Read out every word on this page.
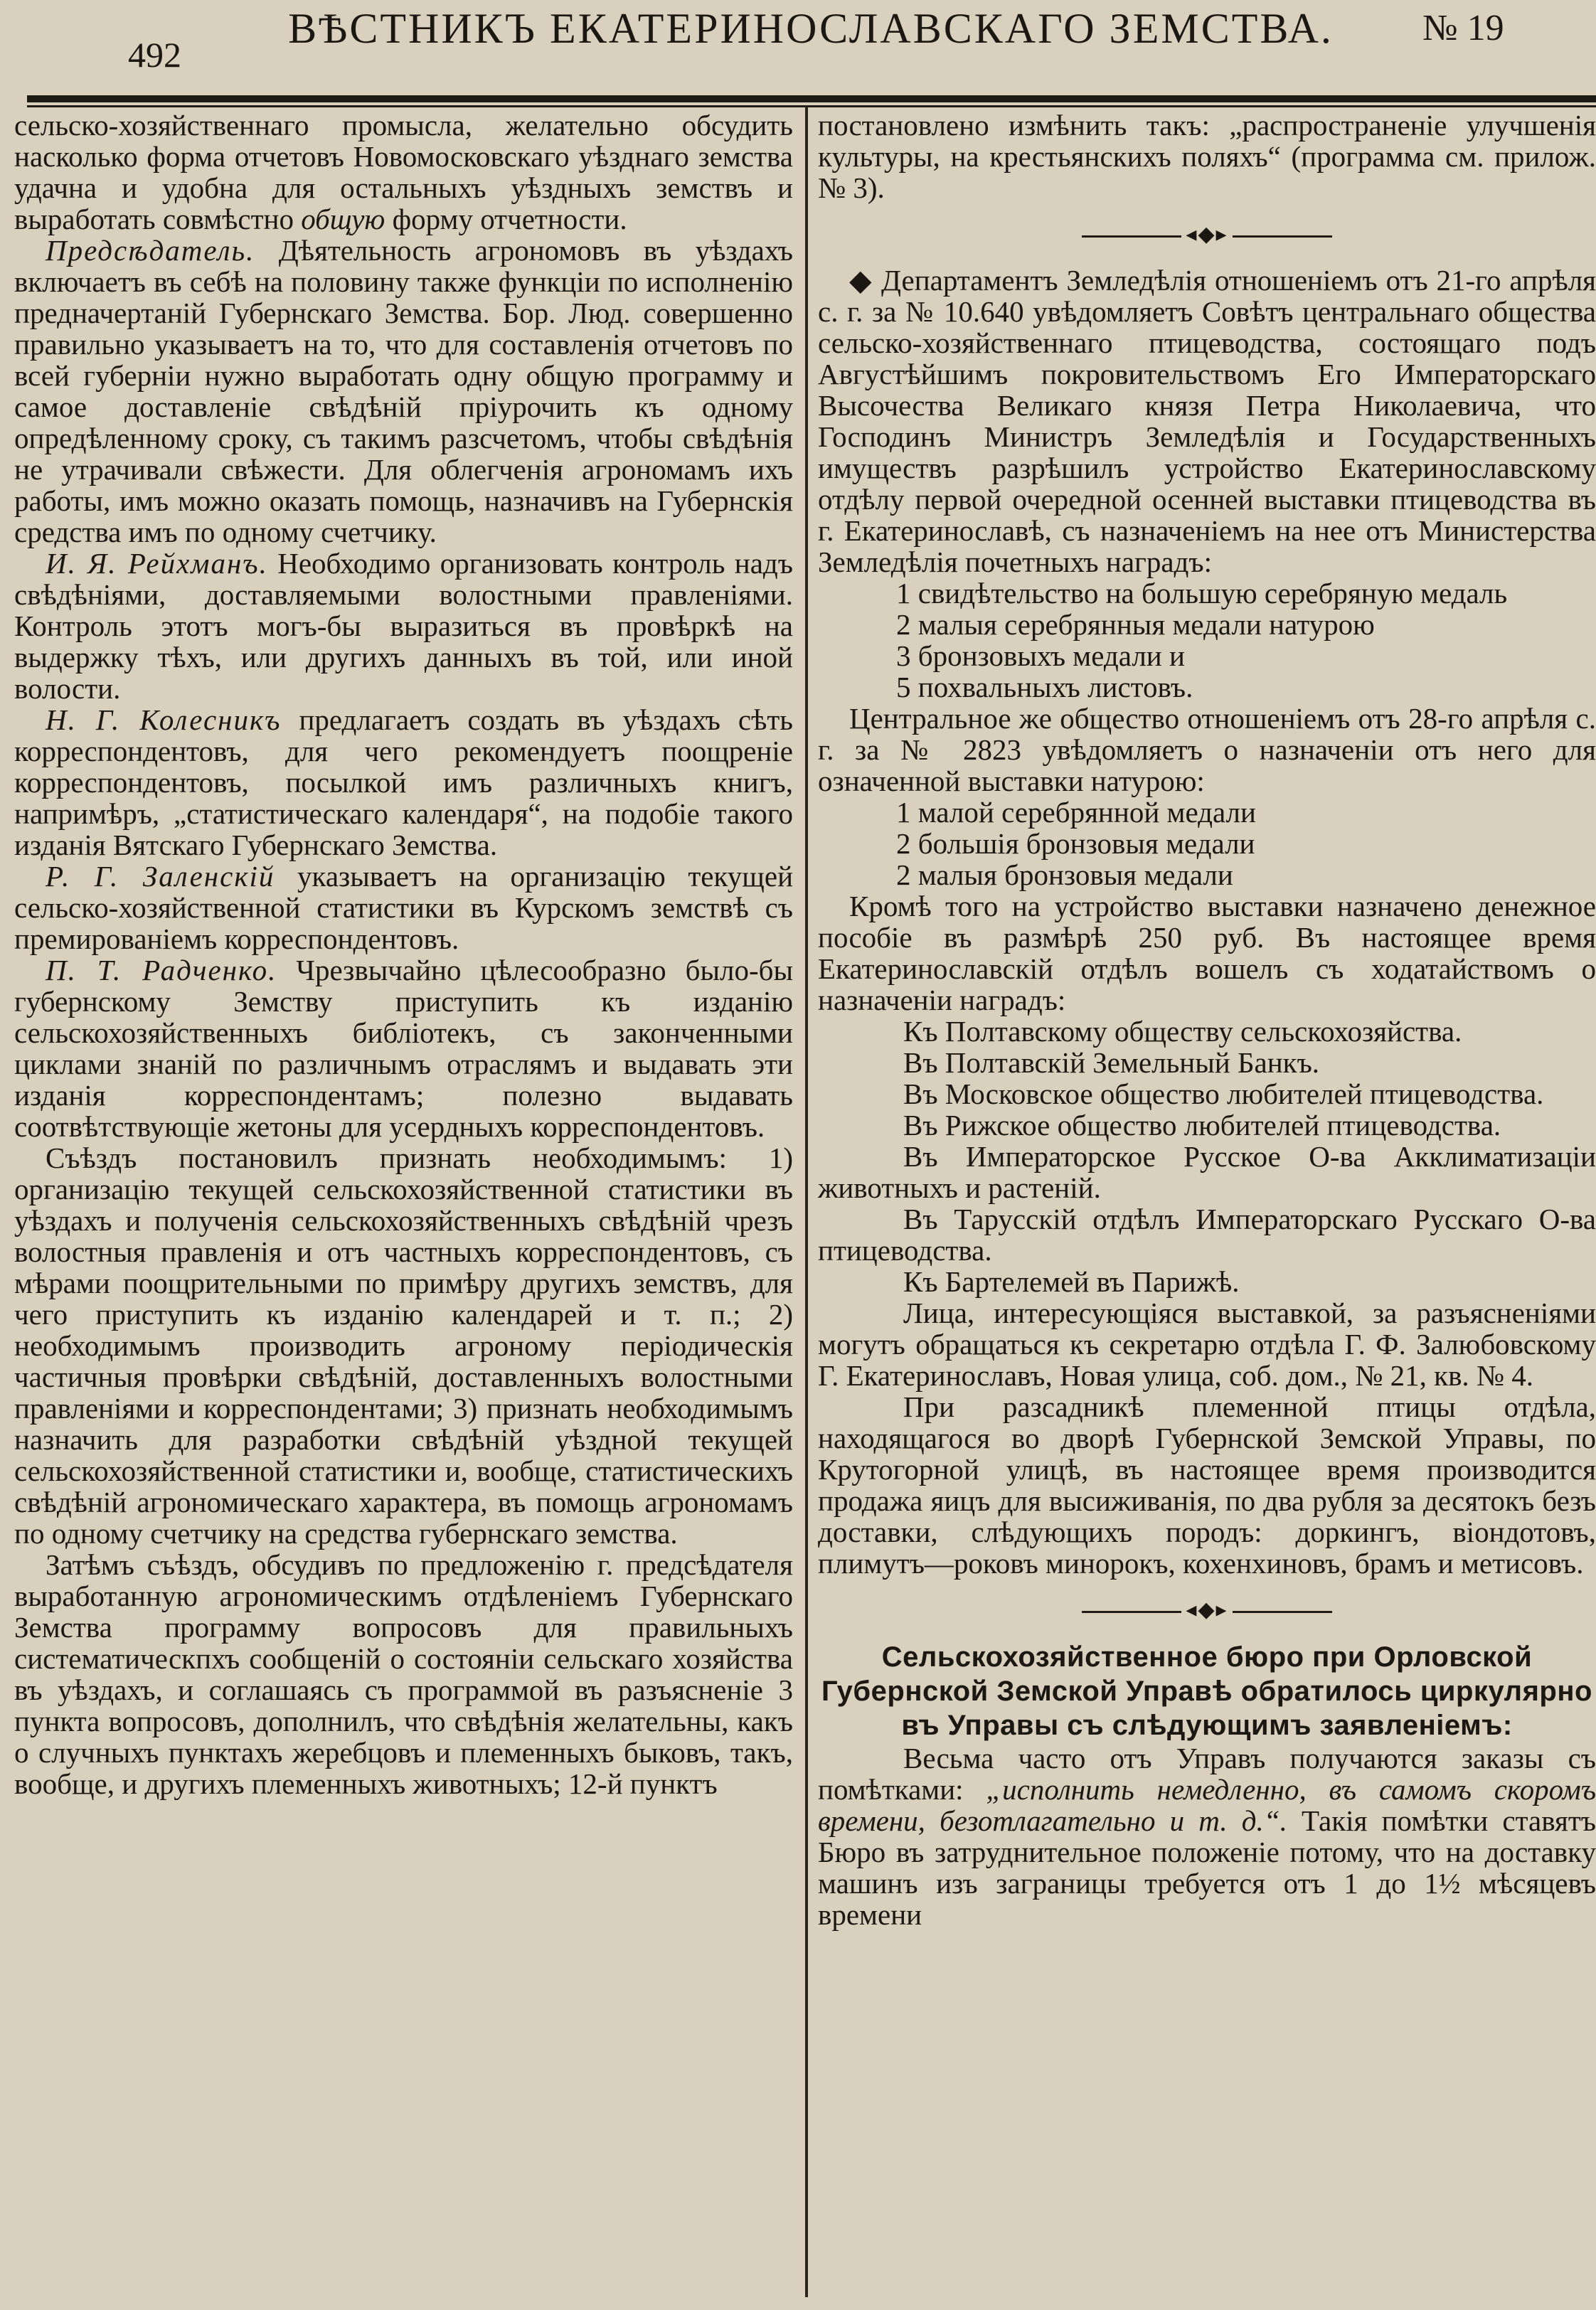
492
ВѢСТНИКЪ ЕКАТЕРИНОСЛАВСКАГО ЗЕМСТВА.	№ 19

сельско-хозяйственнаго промысла, желательно обсудить насколько форма отчетовъ Новомосковскаго уѣзднаго земства удачна и удобна для остальныхъ уѣздныхъ земствъ и выработать совмѣстно общую форму отчетности.

Предсѣдатель. Дѣятельность агрономовъ въ уѣздахъ включаетъ въ себѣ на половину также функціи по исполненію предначертаній Губернскаго Земства. Бор. Люд. совершенно правильно указываетъ на то, что для составленія отчетовъ по всей губерніи нужно выработать одну общую программу и самое доставленіе свѣдѣній пріурочить къ одному опредѣленному сроку, съ такимъ разсчетомъ, чтобы свѣдѣнія не утрачивали свѣжести. Для облегченія агрономамъ ихъ работы, имъ можно оказать помощь, назначивъ на Губернскія средства имъ по одному счетчику.

И. Я. Рейхманъ. Необходимо организовать контроль надъ свѣдѣніями, доставляемыми волостными правленіями. Контроль этотъ могъ-бы выразиться въ провѣркѣ на выдержку тѣхъ, или другихъ данныхъ въ той, или иной волости.

Н. Г. Колесникъ предлагаетъ создать въ уѣздахъ сѣть корреспондентовъ, для чего рекомендуетъ поощреніе корреспондентовъ, посылкой имъ различныхъ книгъ, напримѣръ, „статистическаго календаря“, на подобіе такого изданія Вятскаго Губернскаго Земства.

Р. Г. Заленскій указываетъ на организацію текущей сельско-хозяйственной статистики въ Курскомъ земствѣ съ премированіемъ корреспондентовъ.

П. Т. Радченко. Чрезвычайно цѣлесообразно было-бы губернскому Земству приступить къ изданію сельскохозяйственныхъ библіотекъ, съ законченными циклами знаній по различнымъ отраслямъ и выдавать эти изданія корреспондентамъ; полезно выдавать соотвѣтствующіе жетоны для усердныхъ корреспондентовъ.

Съѣздъ постановилъ признать необходимымъ: 1) организацію текущей сельскохозяйственной статистики въ уѣздахъ и полученія сельскохозяйственныхъ свѣдѣній чрезъ волостныя правленія и отъ частныхъ корреспондентовъ, съ мѣрами поощрительными по примѣру другихъ земствъ, для чего приступить къ изданію календарей и т. п.; 2) необходимымъ производить агроному періодическія частичныя провѣрки свѣдѣній, доставленныхъ волостными правленіями и корреспондентами; 3) признать необходимымъ назначить для разработки свѣдѣній уѣздной текущей сельскохозяйственной статистики и, вообще, статистическихъ свѣдѣній агрономическаго характера, въ помощь агрономамъ по одному счетчику на средства губернскаго земства.

Затѣмъ съѣздъ, обсудивъ по предложенію г. предсѣдателя выработанную агрономическимъ отдѣленіемъ Губернскаго Земства программу вопросовъ для правильныхъ систематическпхъ сообщеній о состояніи сельскаго хозяйства въ уѣздахъ, и соглашаясь съ программой въ разъясненіе 3 пункта вопросовъ, дополнилъ, что свѣдѣнія желательны, какъ о случныхъ пунктахъ жеребцовъ и племенныхъ быковъ, такъ, вообще, и другихъ племенныхъ животныхъ; 12-й пунктъ

постановлено измѣнить такъ: „распространеніе улучшенія культуры, на крестьянскихъ поляхъ“ (программа см. прилож. № 3).

◂◆▸

◆ Департаментъ Земледѣлія отношеніемъ отъ 21-го апрѣля с. г. за № 10.640 увѣдомляетъ Совѣтъ центральнаго общества сельско-хозяйственнаго птицеводства, состоящаго подъ Августѣйшимъ покровительствомъ Его Императорскаго Высочества Великаго князя Петра Николаевича, что Господинъ Министръ Земледѣлія и Государственныхъ имуществъ разрѣшилъ устройство Екатеринославскому отдѣлу первой очередной осенней выставки птицеводства въ г. Екатеринославѣ, съ назначеніемъ на нее отъ Министерства Земледѣлія почетныхъ наградъ:

1 свидѣтельство на большую серебряную медаль
2 малыя серебрянныя медали натурою
3 бронзовыхъ медали и
5 похвальныхъ листовъ.

Центральное же общество отношеніемъ отъ 28-го апрѣля с. г. за № 2823 увѣдомляетъ о назначеніи отъ него для означенной выставки натурою:

1 малой серебрянной медали
2 большія бронзовыя медали
2 малыя бронзовыя медали

Кромѣ того на устройство выставки назначено денежное пособіе въ размѣрѣ 250 руб. Въ настоящее время Екатеринославскій отдѣлъ вошелъ съ ходатайствомъ о назначеніи наградъ:

Къ Полтавскому обществу сельскохозяйства.

Въ Полтавскій Земельный Банкъ.

Въ Московское общество любителей птицеводства.

Въ Рижское общество любителей птицеводства.

Въ Императорское Русское О-ва Акклиматизаціи животныхъ и растеній.

Въ Тарусскій отдѣлъ Императорскаго Русскаго О-ва птицеводства.

Къ Бартелемей въ Парижѣ.

Лица, интересующіяся выставкой, за разъясненіями могутъ обращаться къ секретарю отдѣла Г. Ф. Залюбовскому Г. Екатеринославъ, Новая улица, соб. дом., № 21, кв. № 4.

При разсадникѣ племенной птицы отдѣла, находящагося во дворѣ Губернской Земской Управы, по Крутогорной улицѣ, въ настоящее время производится продажа яицъ для высиживанія, по два рубля за десятокъ безъ доставки, слѣдующихъ породъ: доркингъ, віондотовъ, плимутъ—роковъ минорокъ, кохенхиновъ, брамъ и метисовъ.

◂◆▸
Сельскохозяйственное бюро при Орловской Губернской Земской Управѣ обратилось циркулярно въ Управы съ слѣдующимъ заявленіемъ:

Весьма часто отъ Управъ получаются заказы съ помѣтками: „исполнить немедленно, въ самомъ скоромъ времени, безотлагательно и т. д.“. Такія помѣтки ставятъ Бюро въ затруднительное положеніе потому, что на доставку машинъ изъ заграницы требуется отъ 1 до 1½ мѣсяцевъ времени
